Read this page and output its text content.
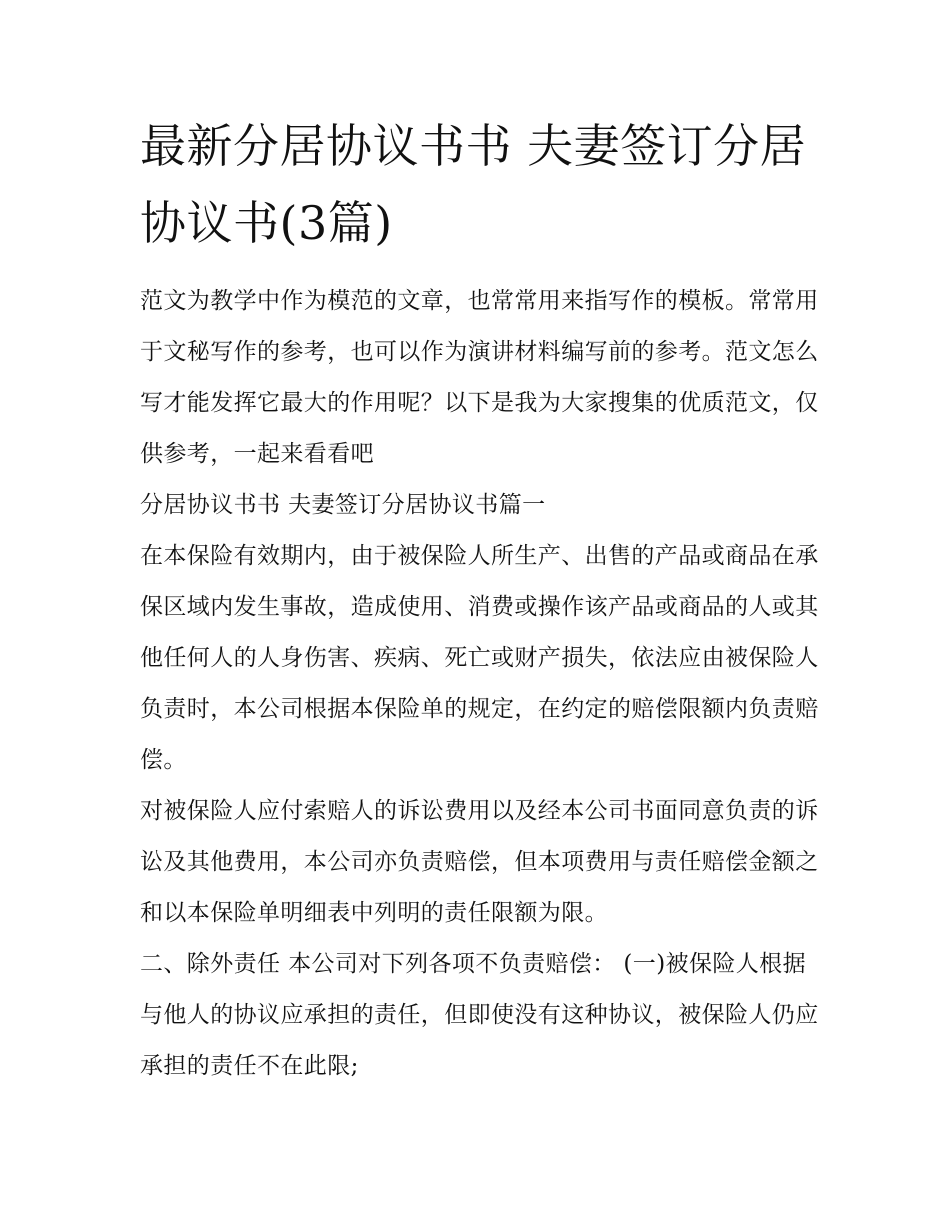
最新分居协议书书 夫妻签订分居协议书(3篇)

范文为教学中作为模范的文章，也常常用来指写作的模板。常常用于文秘写作的参考，也可以作为演讲材料编写前的参考。范文怎么写才能发挥它最大的作用呢？以下是我为大家搜集的优质范文，仅供参考，一起来看看吧

分居协议书书 夫妻签订分居协议书篇一

在本保险有效期内，由于被保险人所生产、出售的产品或商品在承保区域内发生事故，造成使用、消费或操作该产品或商品的人或其他任何人的人身伤害、疾病、死亡或财产损失，依法应由被保险人负责时，本公司根据本保险单的规定，在约定的赔偿限额内负责赔偿。

对被保险人应付索赔人的诉讼费用以及经本公司书面同意负责的诉讼及其他费用，本公司亦负责赔偿，但本项费用与责任赔偿金额之和以本保险单明细表中列明的责任限额为限。

二、除外责任 本公司对下列各项不负责赔偿： (一)被保险人根据与他人的协议应承担的责任，但即使没有这种协议，被保险人仍应承担的责任不在此限;
